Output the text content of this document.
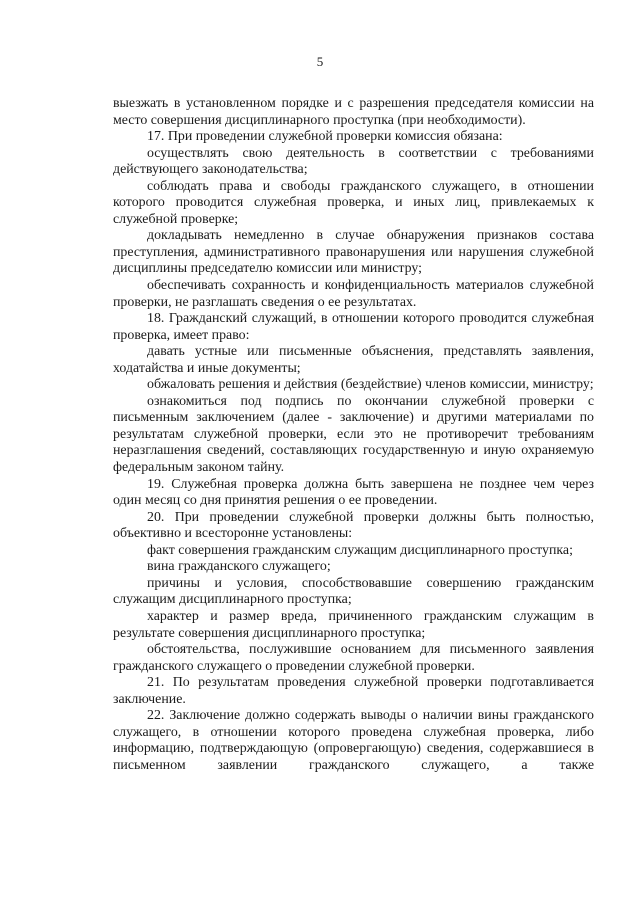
5

выезжать в установленном порядке и с разрешения председателя комиссии на место совершения дисциплинарного проступка (при необходимости).

17. При проведении служебной проверки комиссия обязана:

осуществлять свою деятельность в соответствии с требованиями действующего законодательства;

соблюдать права и свободы гражданского служащего, в отношении которого проводится служебная проверка, и иных лиц, привлекаемых к служебной проверке;

докладывать немедленно в случае обнаружения признаков состава преступления, административного правонарушения или нарушения служебной дисциплины председателю комиссии или министру;

обеспечивать сохранность и конфиденциальность материалов служебной проверки, не разглашать сведения о ее результатах.

18. Гражданский служащий, в отношении которого проводится служебная проверка, имеет право:

давать устные или письменные объяснения, представлять заявления, ходатайства и иные документы;

обжаловать решения и действия (бездействие) членов комиссии, министру;

ознакомиться под подпись по окончании служебной проверки с письменным заключением (далее - заключение) и другими материалами по результатам служебной проверки, если это не противоречит требованиям неразглашения сведений, составляющих государственную и иную охраняемую федеральным законом тайну.

19. Служебная проверка должна быть завершена не позднее чем через один месяц со дня принятия решения о ее проведении.

20. При проведении служебной проверки должны быть полностью, объективно и всесторонне установлены:

факт совершения гражданским служащим дисциплинарного проступка;

вина гражданского служащего;

причины и условия, способствовавшие совершению гражданским служащим дисциплинарного проступка;

характер и размер вреда, причиненного гражданским служащим в результате совершения дисциплинарного проступка;

обстоятельства, послужившие основанием для письменного заявления гражданского служащего о проведении служебной проверки.

21. По результатам проведения служебной проверки подготавливается заключение.

22. Заключение должно содержать выводы о наличии вины гражданского служащего, в отношении которого проведена служебная проверка, либо информацию, подтверждающую (опровергающую) сведения, содержавшиеся в письменном заявлении гражданского служащего, а также
